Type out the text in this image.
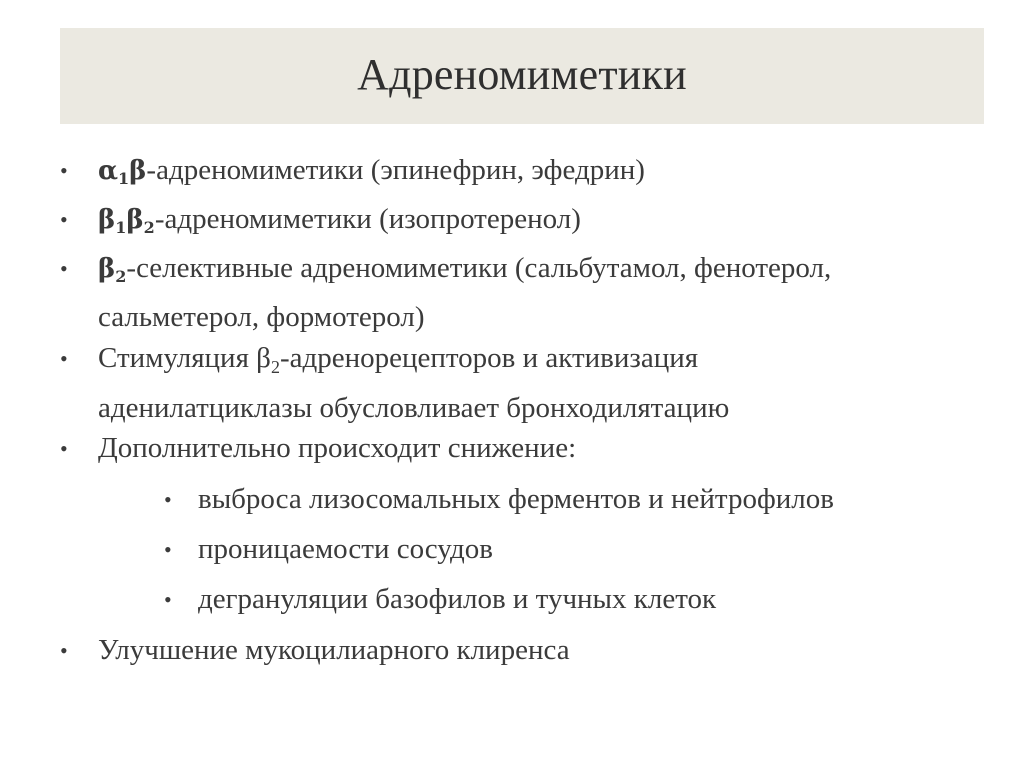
Адреномиметики
• $\alpha_1\beta$-адреномиметики (эпинефрин, эфедрин)
• $\beta_1\beta_2$-адреномиметики (изопротеренол)
• $\beta_2$-селективные адреномиметики (сальбутамол, фенотерол,
сальметерол, формотерол)
• Стимуляция $\beta_2$-адренорецепторов и активизация
аденилатциклазы обусловливает бронходилятацию
• Дополнительно происходит снижение:
• выброса лизосомальных ферментов и нейтрофилов
• проницаемости сосудов
• дегрануляции базофилов и тучных клеток
• Улучшение мукоцилиарного клиренса
